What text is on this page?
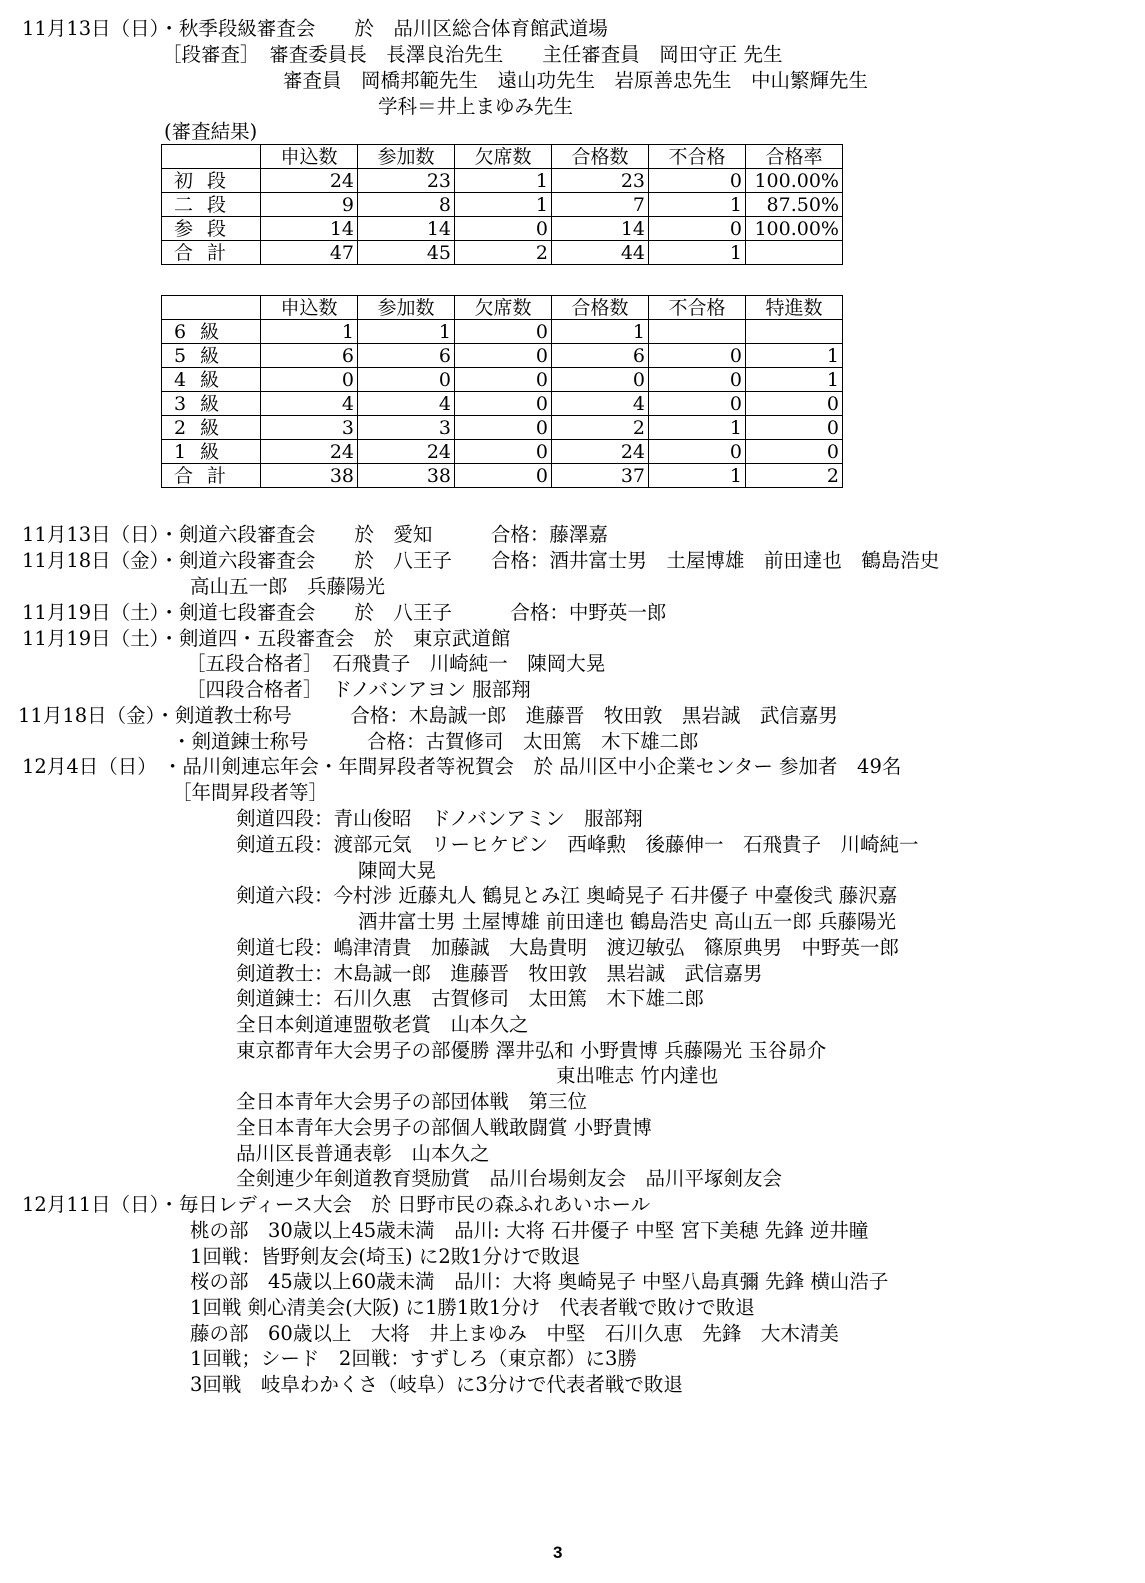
11月13日（日）・秋季段級審査会　　於　品川区総合体育館武道場
［段審査］　審査委員長　長澤良治先生　　主任審査員　岡田守正 先生
審査員　岡橋邦範先生　遠山功先生　岩原善忠先生　中山繁輝先生
学科＝井上まゆみ先生
(審査結果)
	申込数	参加数	欠席数	合格数	不合格	合格率
初段	24	23	1	23	0	100.00%
二段	9	8	1	7	1	87.50%
参段	14	14	0	14	0	100.00%
合計	47	45	2	44	1	
	申込数	参加数	欠席数	合格数	不合格	特進数
6級	1	1	0	1		
5級	6	6	0	6	0	1
4級	0	0	0	0	0	1
3級	4	4	0	4	0	0
2級	3	3	0	2	1	0
1級	24	24	0	24	0	0
合計	38	38	0	37	1	2
11月13日（日）・剣道六段審査会　　於　愛知　　　合格：藤澤嘉
11月18日（金）・剣道六段審査会　　於　八王子　　合格：酒井富士男　土屋博雄　前田達也　鶴島浩史
高山五一郎　兵藤陽光
11月19日（土）・剣道七段審査会　　於　八王子　　　合格：中野英一郎
11月19日（土）・剣道四・五段審査会　於　東京武道館
［五段合格者］　石飛貴子　川崎純一　陳岡大晃
［四段合格者］　ドノバンアヨン 服部翔
11月18日（金）・剣道教士称号　　　合格：木島誠一郎　進藤晋　牧田敦　黒岩誠　武信嘉男
・剣道錬士称号　　　合格：古賀修司　太田篤　木下雄二郎
12月4日（日） ・品川剣連忘年会・年間昇段者等祝賀会　於 品川区中小企業センター 参加者　49名
［年間昇段者等］
剣道四段：青山俊昭　ドノバンアミン　服部翔
剣道五段：渡部元気　リーヒケビン　西峰勲　後藤伸一　石飛貴子　川崎純一
陳岡大晃
剣道六段：今村涉 近藤丸人 鶴見とみ江 奥崎晃子 石井優子 中臺俊弐 藤沢嘉
酒井富士男 土屋博雄 前田達也 鶴島浩史 高山五一郎 兵藤陽光
剣道七段：嶋津清貴　加藤誠　大島貴明　渡辺敏弘　篠原典男　中野英一郎
剣道教士：木島誠一郎　進藤晋　牧田敦　黒岩誠　武信嘉男
剣道錬士：石川久惠　古賀修司　太田篤　木下雄二郎
全日本剣道連盟敬老賞　山本久之
東京都青年大会男子の部優勝 澤井弘和 小野貴博 兵藤陽光 玉谷昴介
東出唯志 竹内達也
全日本青年大会男子の部団体戦　第三位
全日本青年大会男子の部個人戦敢闘賞 小野貴博
品川区長普通表彰　山本久之
全剣連少年剣道教育奨励賞　品川台場剣友会　品川平塚剣友会
12月11日（日）・毎日レディース大会　於 日野市民の森ふれあいホール
桃の部　30歳以上45歳未満　品川: 大将 石井優子 中堅 宮下美穂 先鋒 逆井瞳
1回戦：皆野剣友会(埼玉) に2敗1分けで敗退
桜の部　45歳以上60歳未満　品川：大将 奥崎晃子 中堅八島真彌 先鋒 横山浩子
1回戦 剣心清美会(大阪) に1勝1敗1分け　代表者戦で敗けで敗退
藤の部　60歳以上　大将　井上まゆみ　中堅　石川久恵　先鋒　大木清美
1回戦；シード　2回戦：すずしろ（東京都）に3勝
3回戦　岐阜わかくさ（岐阜）に3分けで代表者戦で敗退
3
